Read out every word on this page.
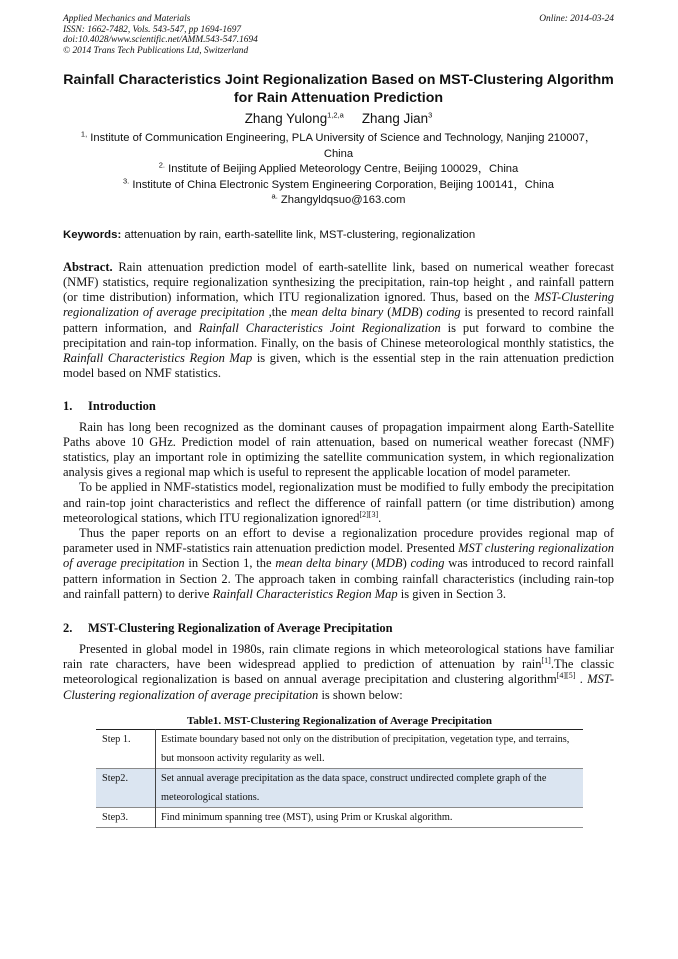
Applied Mechanics and Materials
ISSN: 1662-7482, Vols. 543-547, pp 1694-1697
doi:10.4028/www.scientific.net/AMM.543-547.1694
© 2014 Trans Tech Publications Ltd, Switzerland
Online: 2014-03-24
Rainfall Characteristics Joint Regionalization Based on MST-Clustering Algorithm for Rain Attenuation Prediction
Zhang Yulong$^{1,2,a}$ Zhang Jian$^3$
$^{1,}$ Institute of Communication Engineering, PLA University of Science and Technology, Nanjing 210007，China
$^{2.}$ Institute of Beijing Applied Meteorology Centre, Beijing 100029，China
$^{3.}$ Institute of China Electronic System Engineering Corporation, Beijing 100141，China
$^{a.}$ Zhangyldqsuo@163.com
Keywords: attenuation by rain, earth-satellite link, MST-clustering, regionalization

Abstract. Rain attenuation prediction model of earth-satellite link, based on numerical weather forecast (NMF) statistics, require regionalization synthesizing the precipitation, rain-top height , and rainfall pattern (or time distribution) information, which ITU regionalization ignored. Thus, based on the MST-Clustering regionalization of average precipitation ,the mean delta binary (MDB) coding is presented to record rainfall pattern information, and Rainfall Characteristics Joint Regionalization is put forward to combine the precipitation and rain-top information. Finally, on the basis of Chinese meteorological monthly statistics, the Rainfall Characteristics Region Map is given, which is the essential step in the rain attenuation prediction model based on NMF statistics.

1. Introduction

Rain has long been recognized as the dominant causes of propagation impairment along Earth-Satellite Paths above 10 GHz. Prediction model of rain attenuation, based on numerical weather forecast (NMF) statistics, play an important role in optimizing the satellite communication system, in which regionalization analysis gives a regional map which is useful to represent the applicable location of model parameter.

To be applied in NMF-statistics model, regionalization must be modified to fully embody the precipitation and rain-top joint characteristics and reflect the difference of rainfall pattern (or time distribution) among meteorological stations, which ITU regionalization ignored[2][3].

Thus the paper reports on an effort to devise a regionalization procedure provides regional map of parameter used in NMF-statistics rain attenuation prediction model. Presented MST clustering regionalization of average precipitation in Section 1, the mean delta binary (MDB) coding was introduced to record rainfall pattern information in Section 2. The approach taken in combing rainfall characteristics (including rain-top and rainfall pattern) to derive Rainfall Characteristics Region Map is given in Section 3.

2. MST-Clustering Regionalization of Average Precipitation

Presented in global model in 1980s, rain climate regions in which meteorological stations have familiar rain rate characters, have been widespread applied to prediction of attenuation by rain[1].The classic meteorological regionalization is based on annual average precipitation and clustering algorithm[4][5] . MST-Clustering regionalization of average precipitation is shown below:

Table1. MST-Clustering Regionalization of Average Precipitation
Step 1.	Estimate boundary based not only on the distribution of precipitation, vegetation type, and terrains, but monsoon activity regularity as well.
Step2.	Set annual average precipitation as the data space, construct undirected complete graph of the meteorological stations.
Step3.	Find minimum spanning tree (MST), using Prim or Kruskal algorithm.
